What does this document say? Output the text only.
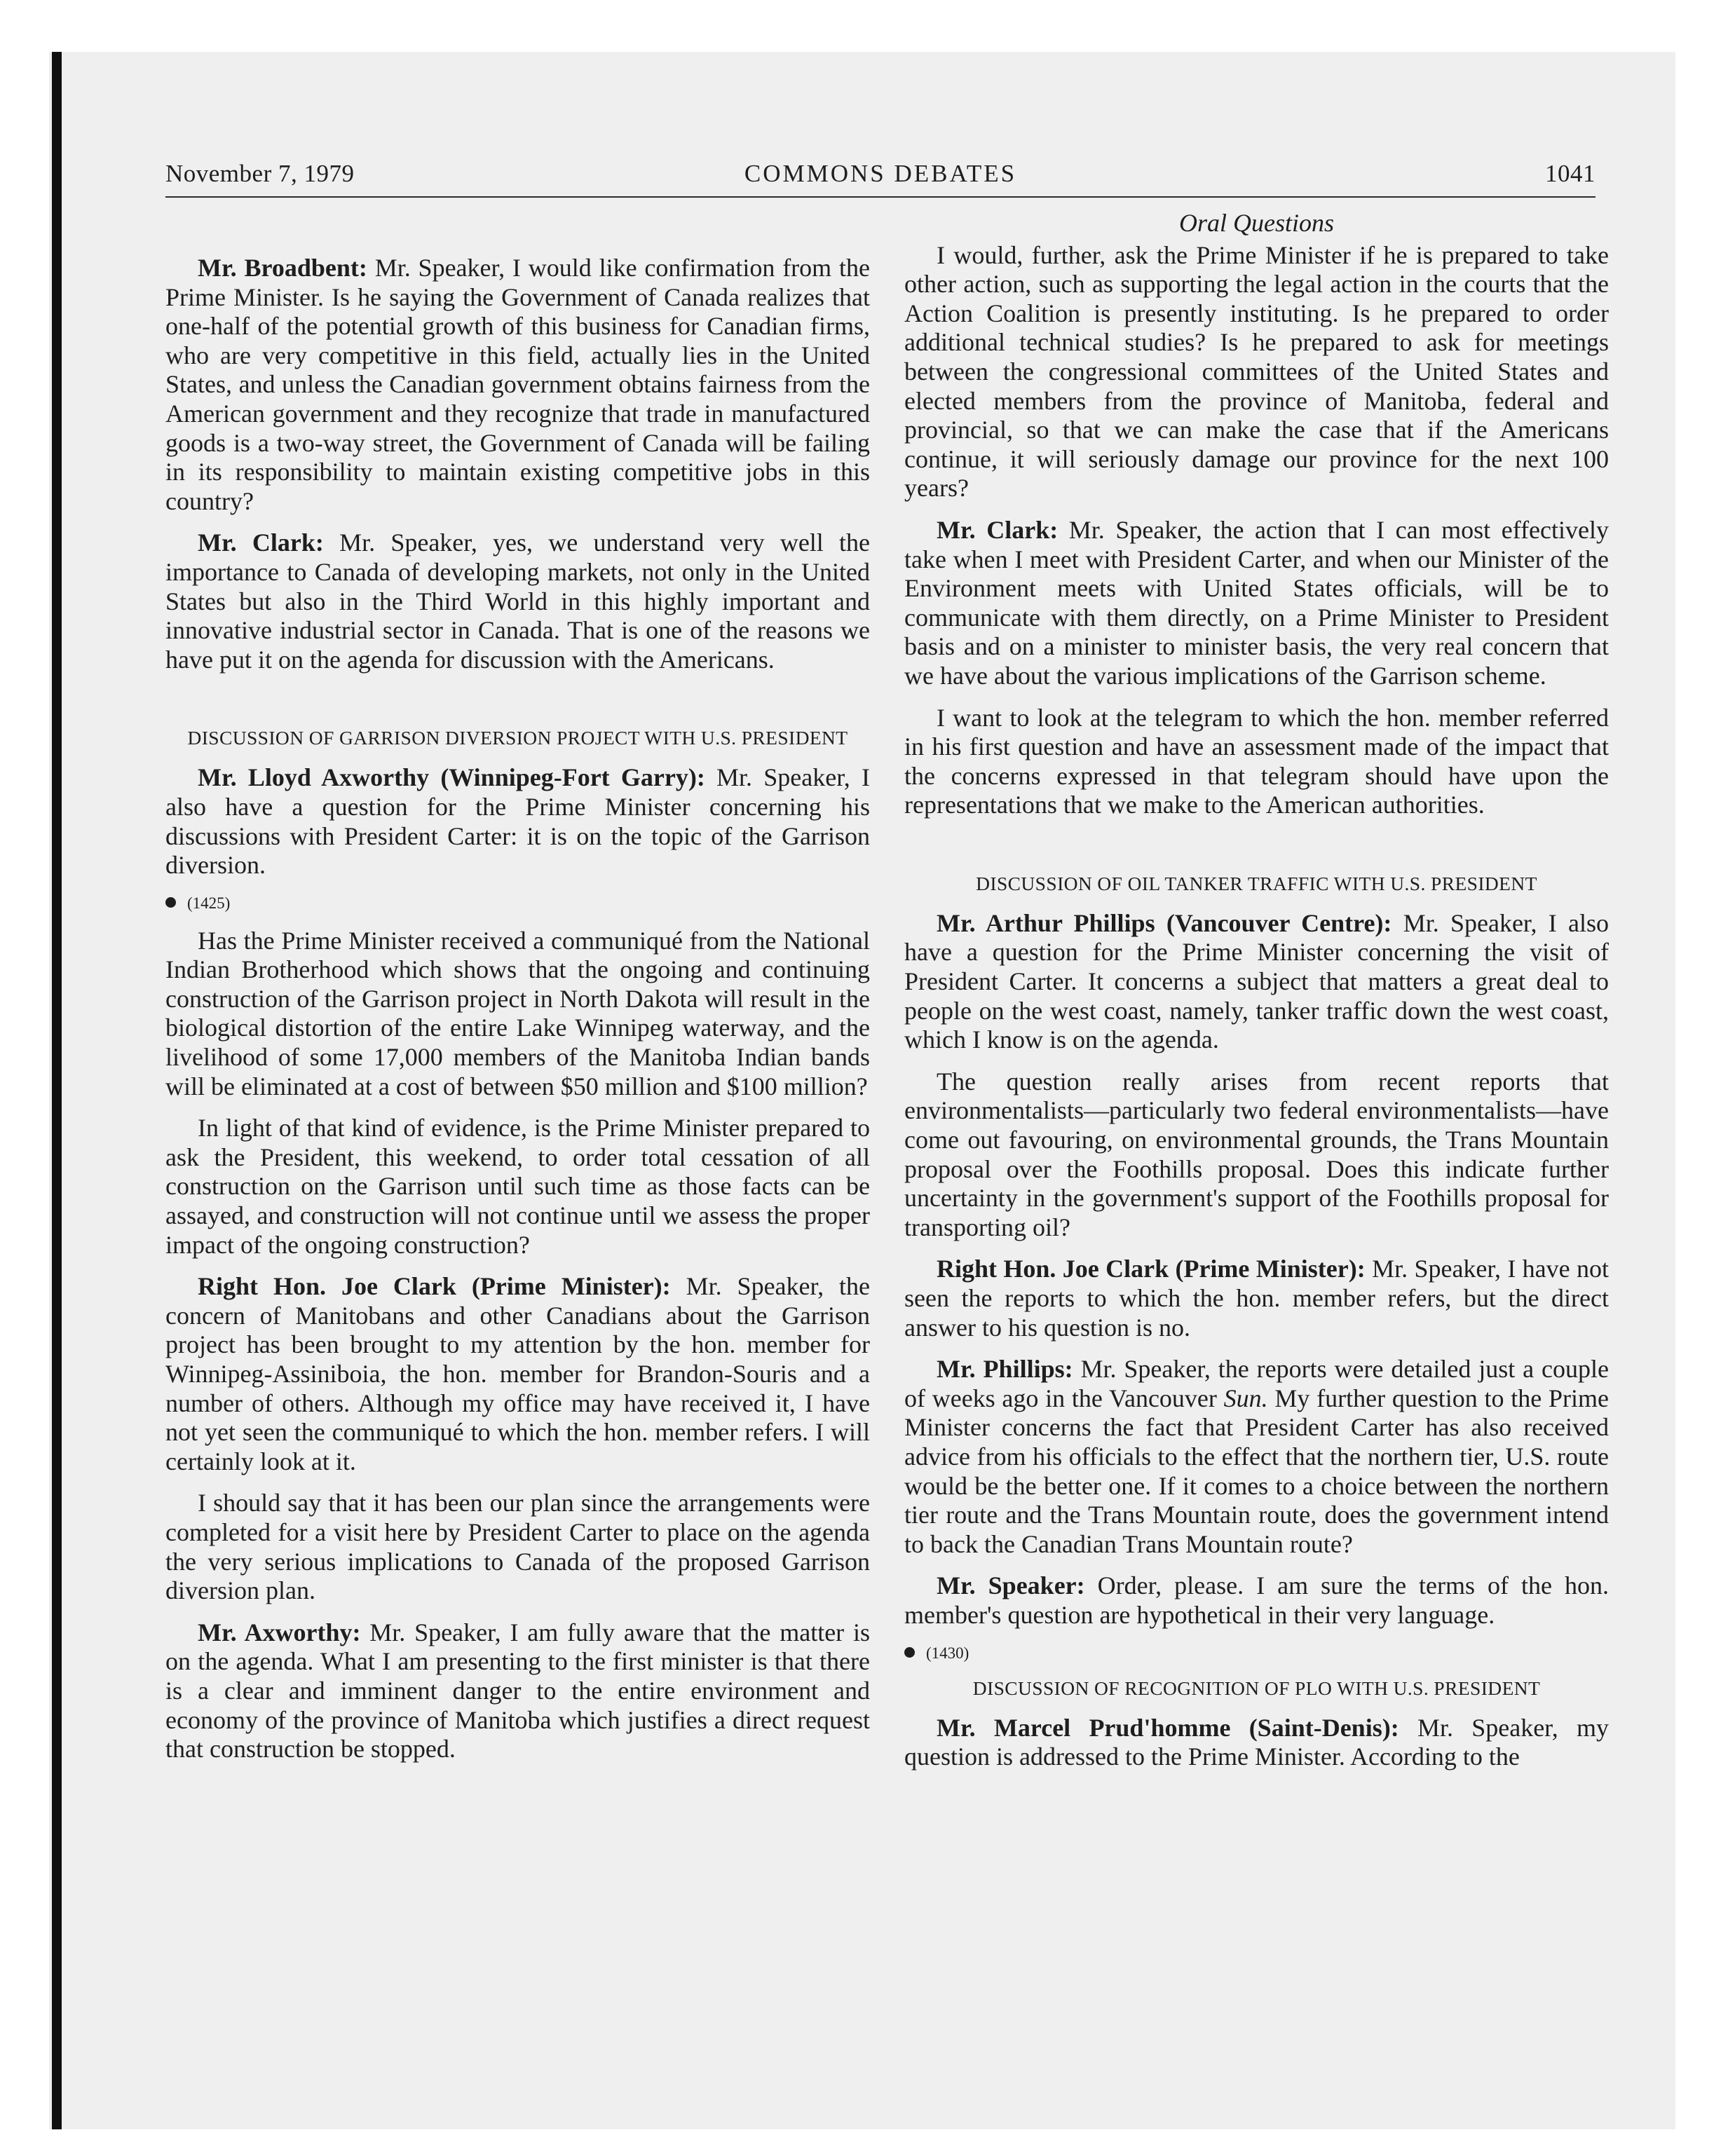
November 7, 1979	COMMONS DEBATES	1041

Mr. Broadbent: Mr. Speaker, I would like confirmation from the Prime Minister. Is he saying the Government of Canada realizes that one-half of the potential growth of this business for Canadian firms, who are very competitive in this field, actually lies in the United States, and unless the Canadian government obtains fairness from the American government and they recognize that trade in manufactured goods is a two-way street, the Government of Canada will be failing in its responsibility to maintain existing competitive jobs in this country?

Mr. Clark: Mr. Speaker, yes, we understand very well the importance to Canada of developing markets, not only in the United States but also in the Third World in this highly important and innovative industrial sector in Canada. That is one of the reasons we have put it on the agenda for discussion with the Americans.

DISCUSSION OF GARRISON DIVERSION PROJECT WITH U.S. PRESIDENT

Mr. Lloyd Axworthy (Winnipeg-Fort Garry): Mr. Speaker, I also have a question for the Prime Minister concerning his discussions with President Carter: it is on the topic of the Garrison diversion.

(1425)

Has the Prime Minister received a communiqué from the National Indian Brotherhood which shows that the ongoing and continuing construction of the Garrison project in North Dakota will result in the biological distortion of the entire Lake Winnipeg waterway, and the livelihood of some 17,000 members of the Manitoba Indian bands will be eliminated at a cost of between $50 million and $100 million?

In light of that kind of evidence, is the Prime Minister prepared to ask the President, this weekend, to order total cessation of all construction on the Garrison until such time as those facts can be assayed, and construction will not continue until we assess the proper impact of the ongoing construction?

Right Hon. Joe Clark (Prime Minister): Mr. Speaker, the concern of Manitobans and other Canadians about the Garrison project has been brought to my attention by the hon. member for Winnipeg-Assiniboia, the hon. member for Brandon-Souris and a number of others. Although my office may have received it, I have not yet seen the communiqué to which the hon. member refers. I will certainly look at it.

I should say that it has been our plan since the arrangements were completed for a visit here by President Carter to place on the agenda the very serious implications to Canada of the proposed Garrison diversion plan.

Mr. Axworthy: Mr. Speaker, I am fully aware that the matter is on the agenda. What I am presenting to the first minister is that there is a clear and imminent danger to the entire environment and economy of the province of Manitoba which justifies a direct request that construction be stopped.

Oral Questions

I would, further, ask the Prime Minister if he is prepared to take other action, such as supporting the legal action in the courts that the Action Coalition is presently instituting. Is he prepared to order additional technical studies? Is he prepared to ask for meetings between the congressional committees of the United States and elected members from the province of Manitoba, federal and provincial, so that we can make the case that if the Americans continue, it will seriously damage our province for the next 100 years?

Mr. Clark: Mr. Speaker, the action that I can most effectively take when I meet with President Carter, and when our Minister of the Environment meets with United States officials, will be to communicate with them directly, on a Prime Minister to President basis and on a minister to minister basis, the very real concern that we have about the various implications of the Garrison scheme.

I want to look at the telegram to which the hon. member referred in his first question and have an assessment made of the impact that the concerns expressed in that telegram should have upon the representations that we make to the American authorities.

DISCUSSION OF OIL TANKER TRAFFIC WITH U.S. PRESIDENT

Mr. Arthur Phillips (Vancouver Centre): Mr. Speaker, I also have a question for the Prime Minister concerning the visit of President Carter. It concerns a subject that matters a great deal to people on the west coast, namely, tanker traffic down the west coast, which I know is on the agenda.

The question really arises from recent reports that environmentalists—particularly two federal environmentalists—have come out favouring, on environmental grounds, the Trans Mountain proposal over the Foothills proposal. Does this indicate further uncertainty in the government's support of the Foothills proposal for transporting oil?

Right Hon. Joe Clark (Prime Minister): Mr. Speaker, I have not seen the reports to which the hon. member refers, but the direct answer to his question is no.

Mr. Phillips: Mr. Speaker, the reports were detailed just a couple of weeks ago in the Vancouver Sun. My further question to the Prime Minister concerns the fact that President Carter has also received advice from his officials to the effect that the northern tier, U.S. route would be the better one. If it comes to a choice between the northern tier route and the Trans Mountain route, does the government intend to back the Canadian Trans Mountain route?

Mr. Speaker: Order, please. I am sure the terms of the hon. member's question are hypothetical in their very language.

(1430)
DISCUSSION OF RECOGNITION OF PLO WITH U.S. PRESIDENT

Mr. Marcel Prud'homme (Saint-Denis): Mr. Speaker, my question is addressed to the Prime Minister. According to the
